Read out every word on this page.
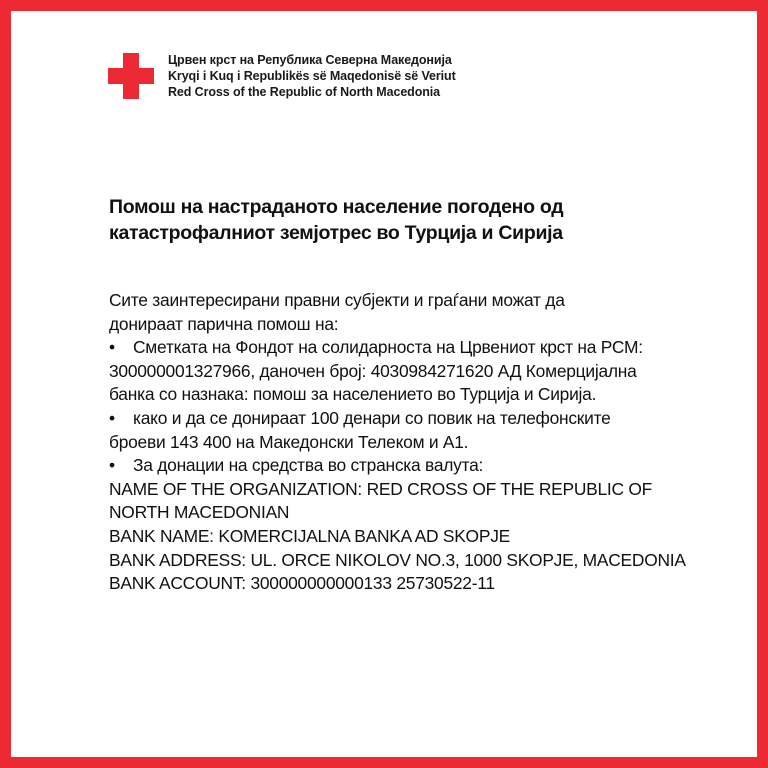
Црвен крст на Република Северна Македонија
Kryqi i Kuq i Republikës së Maqedonisë së Veriut
Red Cross of the Republic of North Macedonia
Помош на настраданото население погодено од
катастрофалниот земјотрес во Турција и Сирија
Сите заинтересирани правни субјекти и граѓани можат да
донираат парична помош на:
•	Сметката на Фондот на солидарноста на Црвениот крст на РСМ:
300000001327966, даночен број: 4030984271620 АД Комерцијална
банка со назнака: помош за населението во Турција и Сирија.
•	како и да се донираат 100 денари со повик на телефонските
броеви 143 400 на Македонски Телеком и А1.
•	За донации на средства во странска валута:
NAME OF THE ORGANIZATION: RED CROSS OF THE REPUBLIC OF
NORTH MACEDONIAN
BANK NAME: KOMERCIJALNA BANKA AD SKOPJE
BANK ADDRESS: UL. ORCE NIKOLOV NO.3, 1000 SKOPJE, MACEDONIA
BANK ACCOUNT: 300000000000133 25730522-11
